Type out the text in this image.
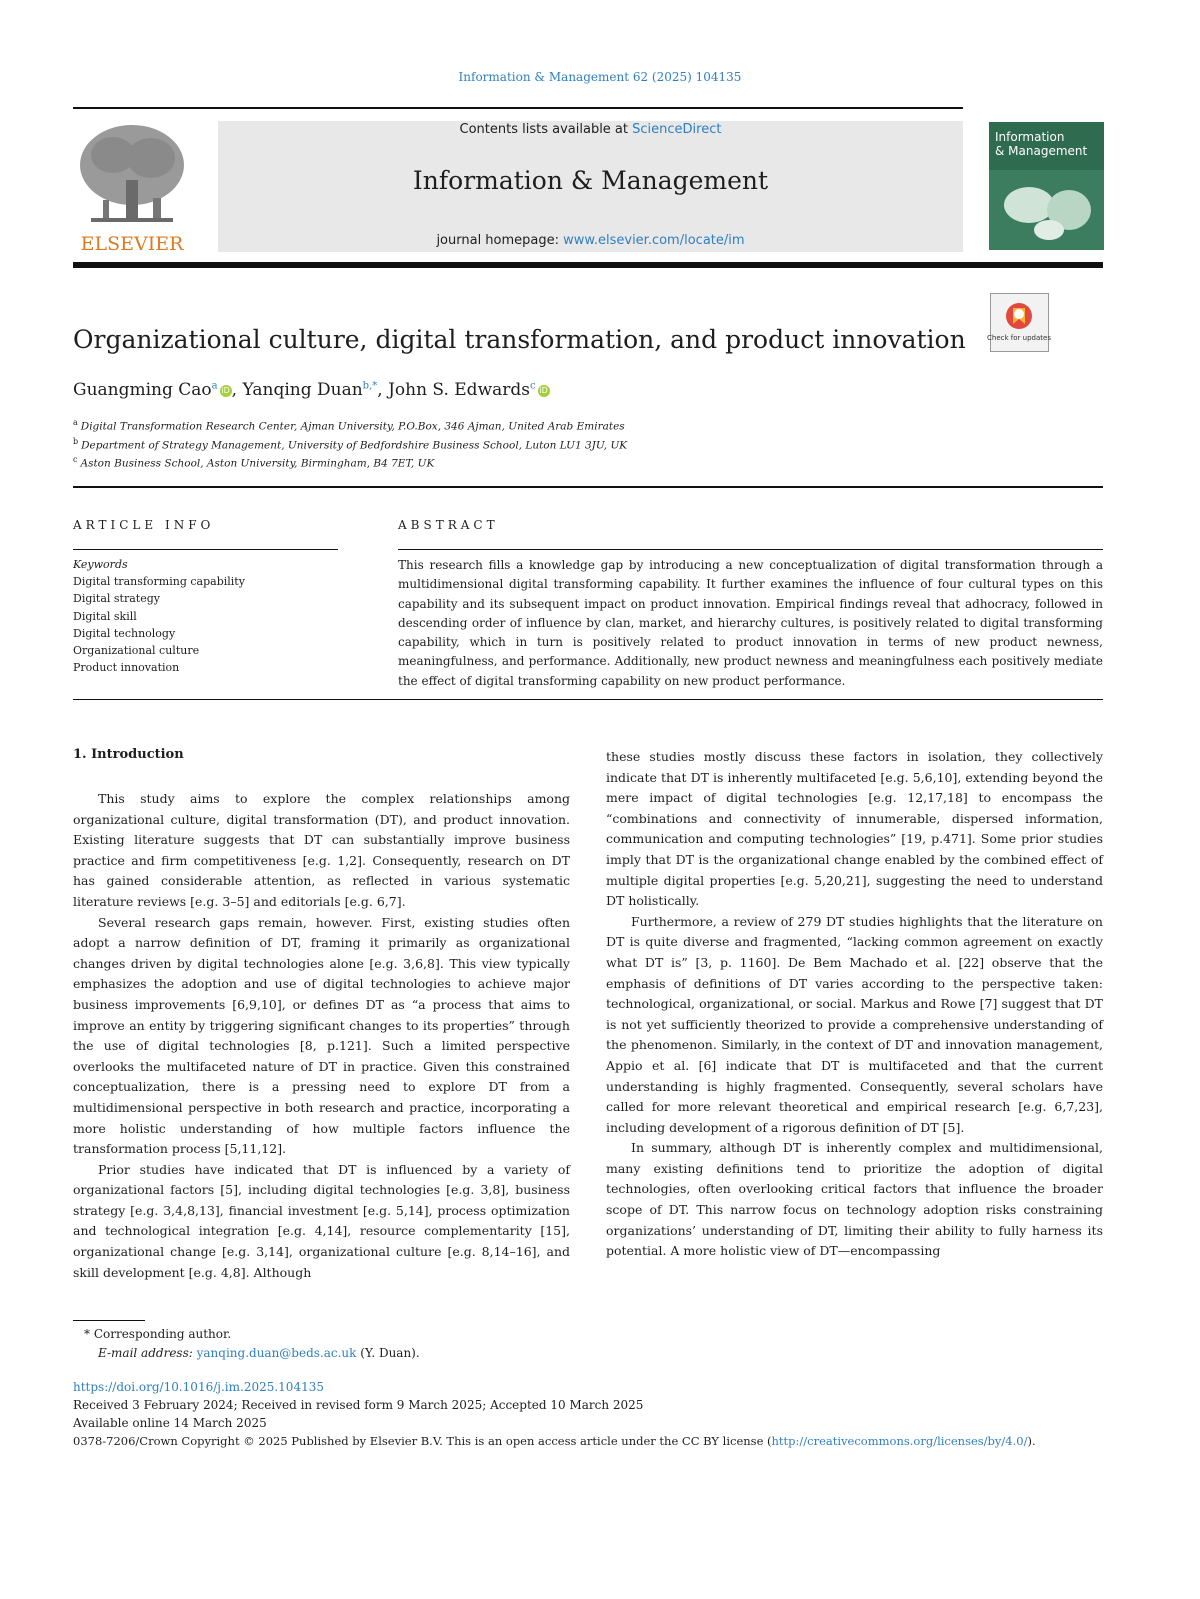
Information & Management 62 (2025) 104135
ELSEVIER
Contents lists available at ScienceDirect
Information & Management
journal homepage: www.elsevier.com/locate/im
Information
& Management
Organizational culture, digital transformation, and product innovation	Check for updates
Guangming Cao$^a$ iD , Yanqing Duan$^{b,*}$, John S. Edwards$^c$ iD
$^a$ Digital Transformation Research Center, Ajman University, P.O.Box, 346 Ajman, United Arab Emirates
$^b$ Department of Strategy Management, University of Bedfordshire Business School, Luton LU1 3JU, UK
$^c$ Aston Business School, Aston University, Birmingham, B4 7ET, UK
ARTICLE INFO	ABSTRACT
Keywords
Digital transforming capability
Digital strategy
Digital skill
Digital technology
Organizational culture
Product innovation
This research fills a knowledge gap by introducing a new conceptualization of digital transformation through a multidimensional digital transforming capability. It further examines the influence of four cultural types on this capability and its subsequent impact on product innovation. Empirical findings reveal that adhocracy, followed in descending order of influence by clan, market, and hierarchy cultures, is positively related to digital transforming capability, which in turn is positively related to product innovation in terms of new product newness, meaningfulness, and performance. Additionally, new product newness and meaningfulness each positively mediate the effect of digital transforming capability on new product performance.
1. Introduction

This study aims to explore the complex relationships among organizational culture, digital transformation (DT), and product innovation. Existing literature suggests that DT can substantially improve business practice and firm competitiveness [e.g. 1,2]. Consequently, research on DT has gained considerable attention, as reflected in various systematic literature reviews [e.g. 3–5] and editorials [e.g. 6,7].

Several research gaps remain, however. First, existing studies often adopt a narrow definition of DT, framing it primarily as organizational changes driven by digital technologies alone [e.g. 3,6,8]. This view typically emphasizes the adoption and use of digital technologies to achieve major business improvements [6,9,10], or defines DT as “a process that aims to improve an entity by triggering significant changes to its properties” through the use of digital technologies [8, p.121]. Such a limited perspective overlooks the multifaceted nature of DT in practice. Given this constrained conceptualization, there is a pressing need to explore DT from a multidimensional perspective in both research and practice, incorporating a more holistic understanding of how multiple factors influence the transformation process [5,11,12].

Prior studies have indicated that DT is influenced by a variety of organizational factors [5], including digital technologies [e.g. 3,8], business strategy [e.g. 3,4,8,13], financial investment [e.g. 5,14], process optimization and technological integration [e.g. 4,14], resource complementarity [15], organizational change [e.g. 3,14], organizational culture [e.g. 8,14–16], and skill development [e.g. 4,8]. Although

these studies mostly discuss these factors in isolation, they collectively indicate that DT is inherently multifaceted [e.g. 5,6,10], extending beyond the mere impact of digital technologies [e.g. 12,17,18] to encompass the “combinations and connectivity of innumerable, dispersed information, communication and computing technologies” [19, p.471]. Some prior studies imply that DT is the organizational change enabled by the combined effect of multiple digital properties [e.g. 5,20,21], suggesting the need to understand DT holistically.

Furthermore, a review of 279 DT studies highlights that the literature on DT is quite diverse and fragmented, “lacking common agreement on exactly what DT is” [3, p. 1160]. De Bem Machado et al. [22] observe that the emphasis of definitions of DT varies according to the perspective taken: technological, organizational, or social. Markus and Rowe [7] suggest that DT is not yet sufficiently theorized to provide a comprehensive understanding of the phenomenon. Similarly, in the context of DT and innovation management, Appio et al. [6] indicate that DT is multifaceted and that the current understanding is highly fragmented. Consequently, several scholars have called for more relevant theoretical and empirical research [e.g. 6,7,23], including development of a rigorous definition of DT [5].

In summary, although DT is inherently complex and multidimensional, many existing definitions tend to prioritize the adoption of digital technologies, often overlooking critical factors that influence the broader scope of DT. This narrow focus on technology adoption risks constraining organizations’ understanding of DT, limiting their ability to fully harness its potential. A more holistic view of DT—encompassing

* Corresponding author.
E-mail address: yanqing.duan@beds.ac.uk (Y. Duan).
https://doi.org/10.1016/j.im.2025.104135
Received 3 February 2024; Received in revised form 9 March 2025; Accepted 10 March 2025
Available online 14 March 2025
0378-7206/Crown Copyright © 2025 Published by Elsevier B.V. This is an open access article under the CC BY license (http://creativecommons.org/licenses/by/4.0/).
